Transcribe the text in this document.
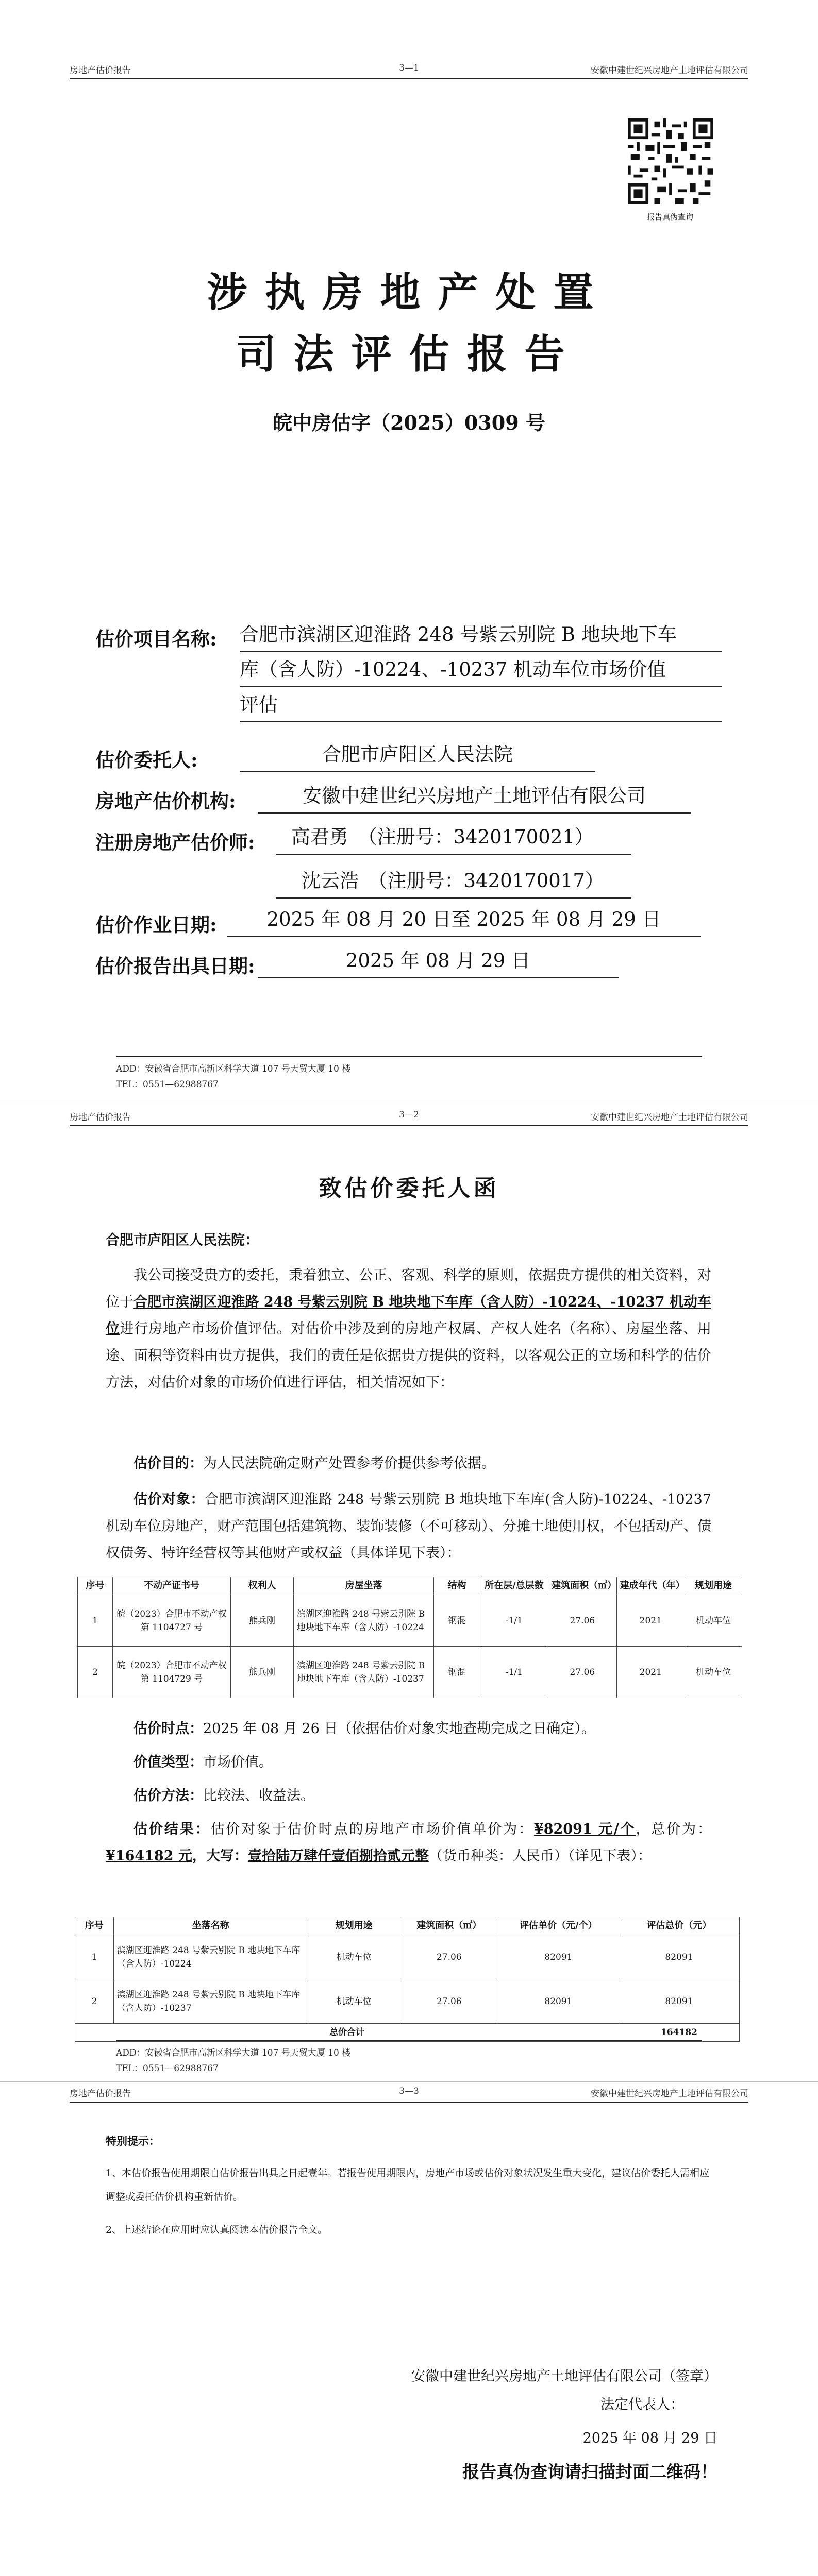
房地产估价报告	3—1	安徽中建世纪兴房地产土地评估有限公司
报告真伪查询
涉执房地产处置
司法评估报告
皖中房估字（2025）0309 号
估价项目名称: 合肥市滨湖区迎淮路 248 号紫云别院 B 地块地下车
库（含人防）-10224、-10237 机动车位市场价值
评估
估价委托人:	合肥市庐阳区人民法院
房地产估价机构:	安徽中建世纪兴房地产土地评估有限公司
注册房地产估价师:	高君勇　（注册号：3420170021）
沈云浩　（注册号：3420170017）
估价作业日期:	2025 年 08 月 20 日至 2025 年 08 月 29 日
估价报告出具日期:	2025 年 08 月 29 日
ADD：安徽省合肥市高新区科学大道 107 号天贸大厦 10 楼
TEL：0551—62988767
房地产估价报告	3—2	安徽中建世纪兴房地产土地评估有限公司
致估价委托人函
合肥市庐阳区人民法院：
我公司接受贵方的委托，秉着独立、公正、客观、科学的原则，依据贵方提供的相关资料，对位于合肥市滨湖区迎淮路 248 号紫云别院 B 地块地下车库（含人防）-10224、-10237 机动车位进行房地产市场价值评估。对估价中涉及到的房地产权属、产权人姓名（名称）、房屋坐落、用途、面积等资料由贵方提供，我们的责任是依据贵方提供的资料，以客观公正的立场和科学的估价方法，对估价对象的市场价值进行评估，相关情况如下：
估价目的：为人民法院确定财产处置参考价提供参考依据。
估价对象：合肥市滨湖区迎淮路 248 号紫云别院 B 地块地下车库(含人防)-10224、-10237 机动车位房地产，财产范围包括建筑物、装饰装修（不可移动）、分摊土地使用权，不包括动产、债权债务、特许经营权等其他财产或权益（具体详见下表）：
序号	不动产证书号	权利人	房屋坐落	结构	所在层/总层数	建筑面积（㎡）	建成年代（年）	规划用途
1	皖（2023）合肥市不动产权第 1104727 号	熊兵刚	滨湖区迎淮路 248 号紫云别院 B 地块地下车库（含人防）-10224	钢混	-1/1	27.06	2021	机动车位
2	皖（2023）合肥市不动产权第 1104729 号	熊兵刚	滨湖区迎淮路 248 号紫云别院 B 地块地下车库（含人防）-10237	钢混	-1/1	27.06	2021	机动车位
估价时点：2025 年 08 月 26 日（依据估价对象实地查勘完成之日确定）。
价值类型：市场价值。
估价方法：比较法、收益法。
估价结果：估价对象于估价时点的房地产市场价值单价为：¥82091 元/个，总价为：¥164182 元，大写：壹拾陆万肆仟壹佰捌拾贰元整（货币种类：人民币）（详见下表）：
序号	坐落名称	规划用途	建筑面积（㎡）	评估单价（元/个）	评估总价（元）
1	滨湖区迎淮路 248 号紫云别院 B 地块地下车库（含人防）-10224	机动车位	27.06	82091	82091
2	滨湖区迎淮路 248 号紫云别院 B 地块地下车库（含人防）-10237	机动车位	27.06	82091	82091
总价合计					164182
ADD：安徽省合肥市高新区科学大道 107 号天贸大厦 10 楼
TEL：0551—62988767
房地产估价报告	3—3	安徽中建世纪兴房地产土地评估有限公司
特别提示：
1、本估价报告使用期限自估价报告出具之日起壹年。若报告使用期限内，房地产市场或估价对象状况发生重大变化，建议估价委托人需相应调整或委托估价机构重新估价。
2、上述结论在应用时应认真阅读本估价报告全文。
安徽中建世纪兴房地产土地评估有限公司（签章）
法定代表人：
2025 年 08 月 29 日
报告真伪查询请扫描封面二维码！
